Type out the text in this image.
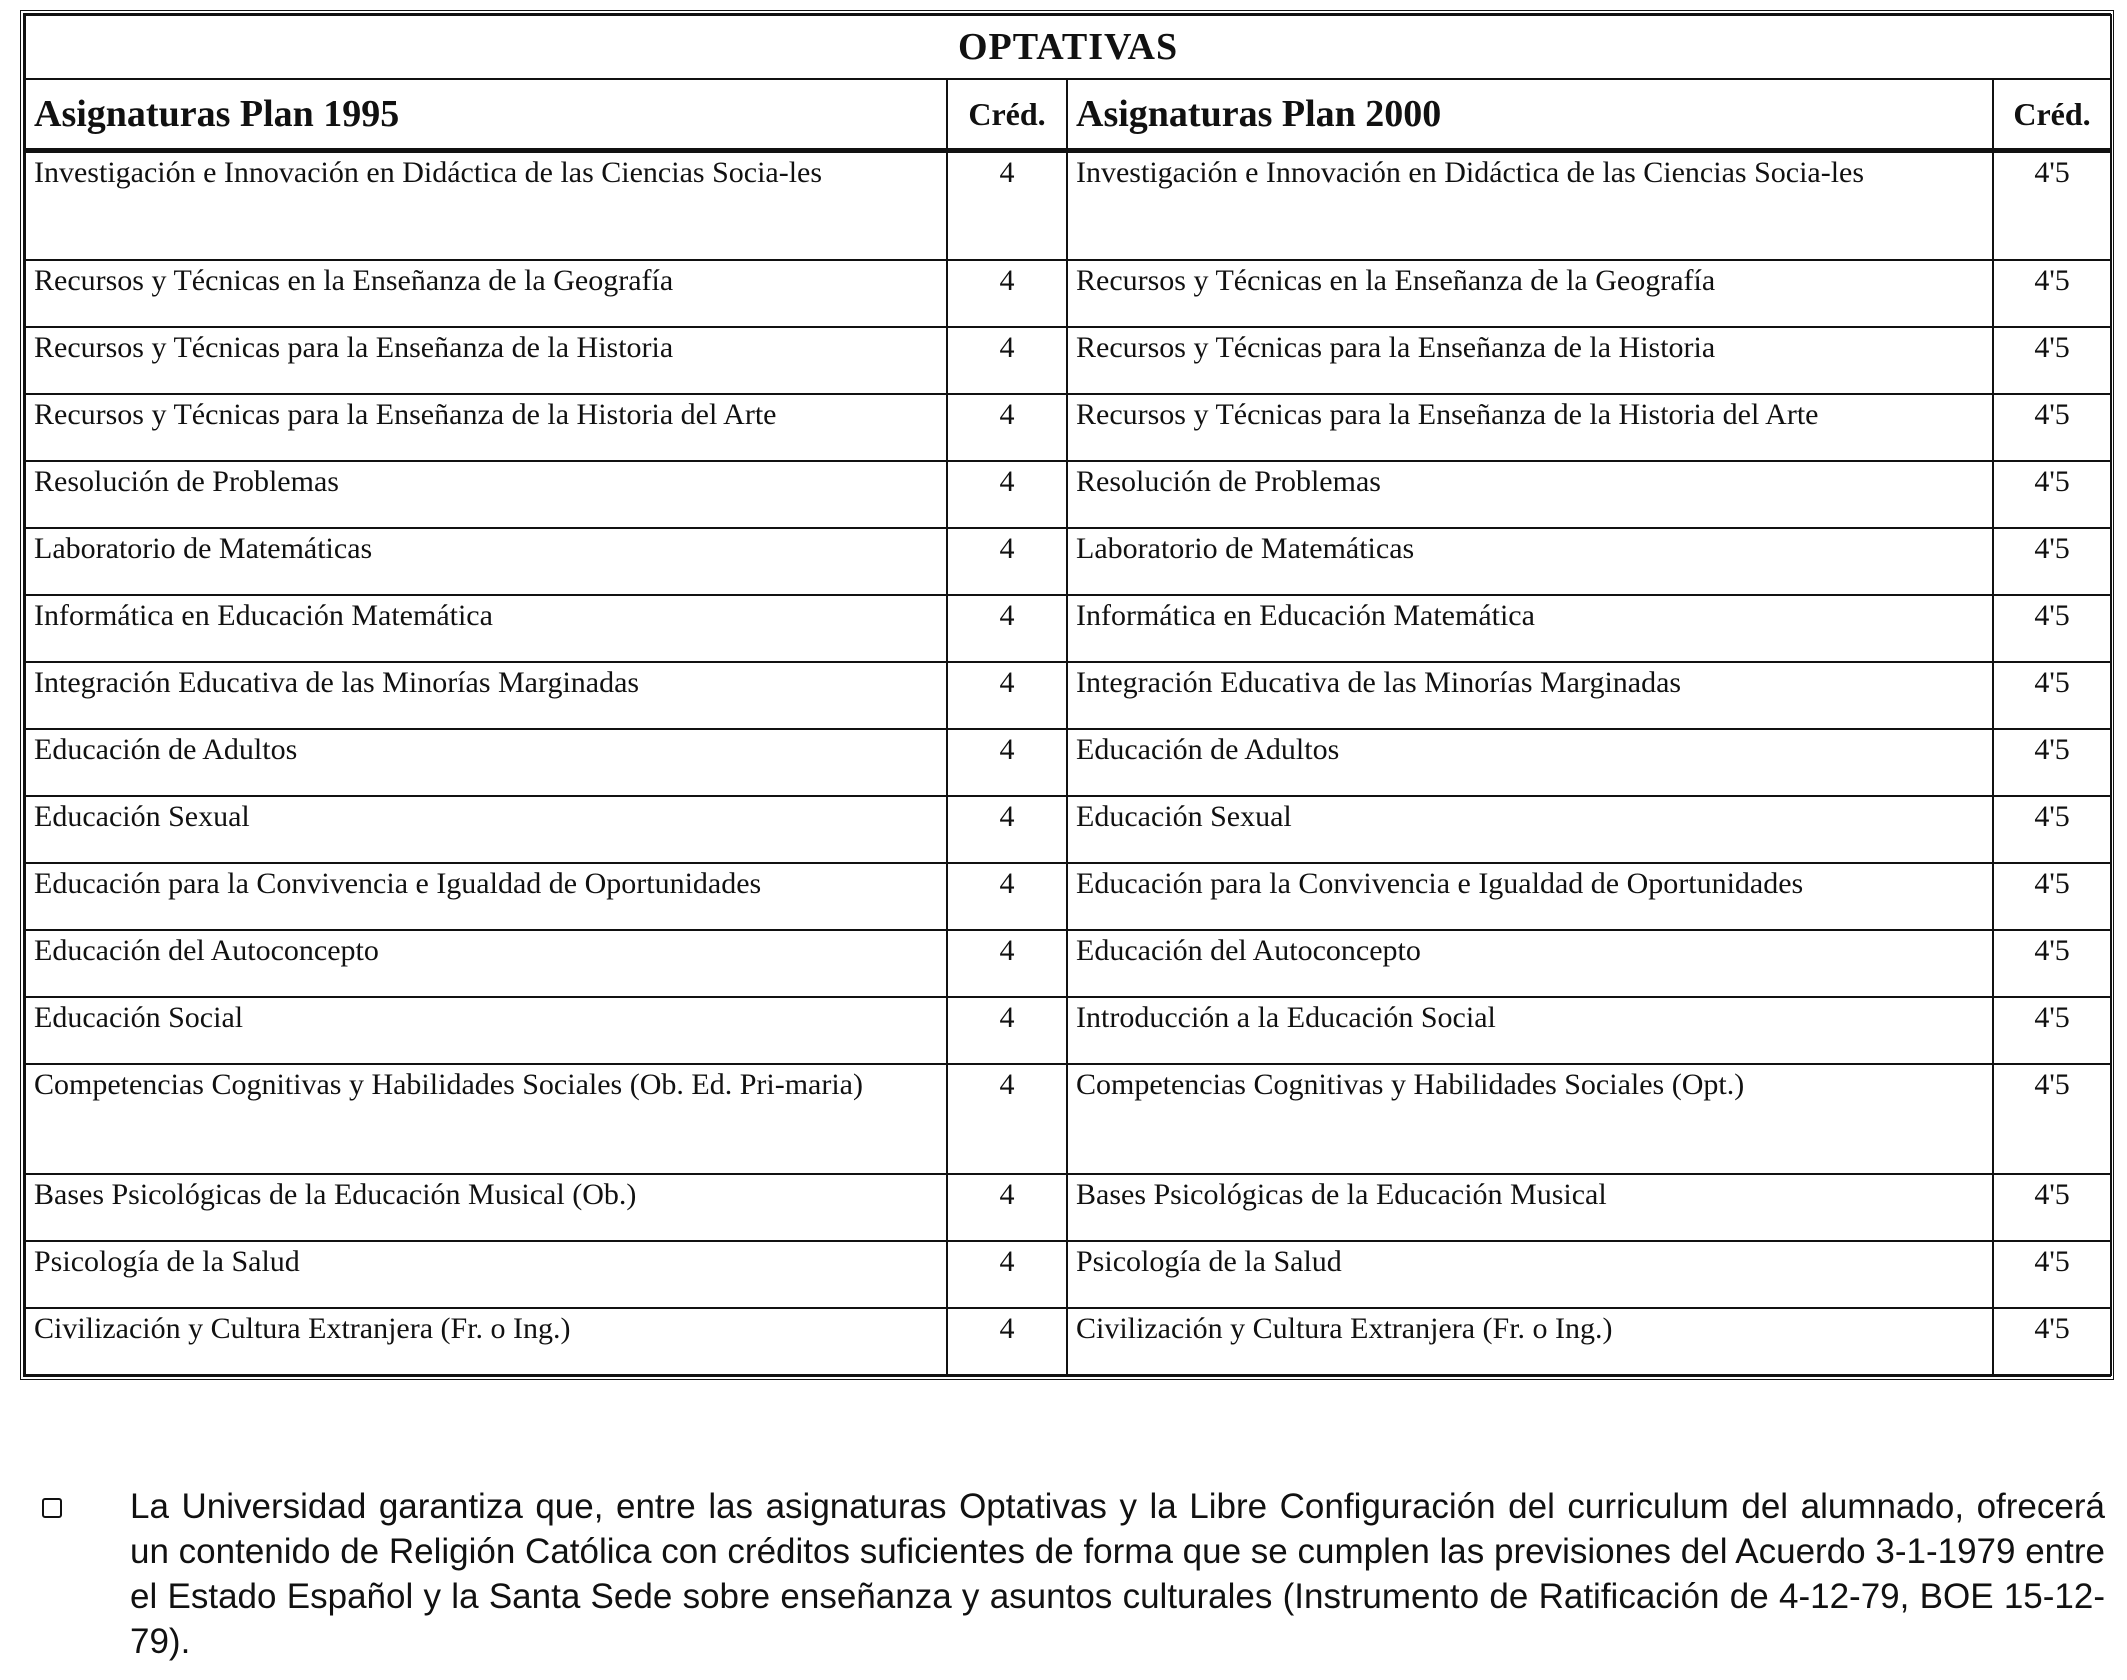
OPTATIVAS			
Asignaturas Plan 1995	Créd.	Asignaturas Plan 2000	Créd.
Investigación e Innovación en Didáctica de las Ciencias Socia-les	4	Investigación e Innovación en Didáctica de las Ciencias Socia-les	4'5
Recursos y Técnicas en la Enseñanza de la Geografía	4	Recursos y Técnicas en la Enseñanza de la Geografía	4'5
Recursos y Técnicas para la Enseñanza de la Historia	4	Recursos y Técnicas para la Enseñanza de la Historia	4'5
Recursos y Técnicas para la Enseñanza de la Historia del Arte	4	Recursos y Técnicas para la Enseñanza de la Historia del Arte	4'5
Resolución de Problemas	4	Resolución de Problemas	4'5
Laboratorio de Matemáticas	4	Laboratorio de Matemáticas	4'5
Informática en Educación Matemática	4	Informática en Educación Matemática	4'5
Integración Educativa de las Minorías Marginadas	4	Integración Educativa de las Minorías Marginadas	4'5
Educación de Adultos	4	Educación de Adultos	4'5
Educación Sexual	4	Educación Sexual	4'5
Educación para la Convivencia e Igualdad de Oportunidades	4	Educación para la Convivencia e Igualdad de Oportunidades	4'5
Educación del Autoconcepto	4	Educación del Autoconcepto	4'5
Educación Social	4	Introducción a la Educación Social	4'5
Competencias Cognitivas y Habilidades Sociales (Ob. Ed. Pri-maria)	4	Competencias Cognitivas y Habilidades Sociales (Opt.)	4'5
Bases Psicológicas de la Educación Musical (Ob.)	4	Bases Psicológicas de la Educación Musical	4'5
Psicología de la Salud	4	Psicología de la Salud	4'5
Civilización y Cultura Extranjera (Fr. o Ing.)	4	Civilización y Cultura Extranjera (Fr. o Ing.)	4'5
La Universidad garantiza que, entre las asignaturas Optativas y la Libre Configuración del curriculum del alumnado, ofrecerá un contenido de Religión Católica con créditos suficientes de forma que se cumplen las previsiones del Acuerdo 3-1-1979 entre el Estado Español y la Santa Sede sobre enseñanza y asuntos culturales (Instrumento de Ratificación de 4-12-79, BOE 15-12-79).
